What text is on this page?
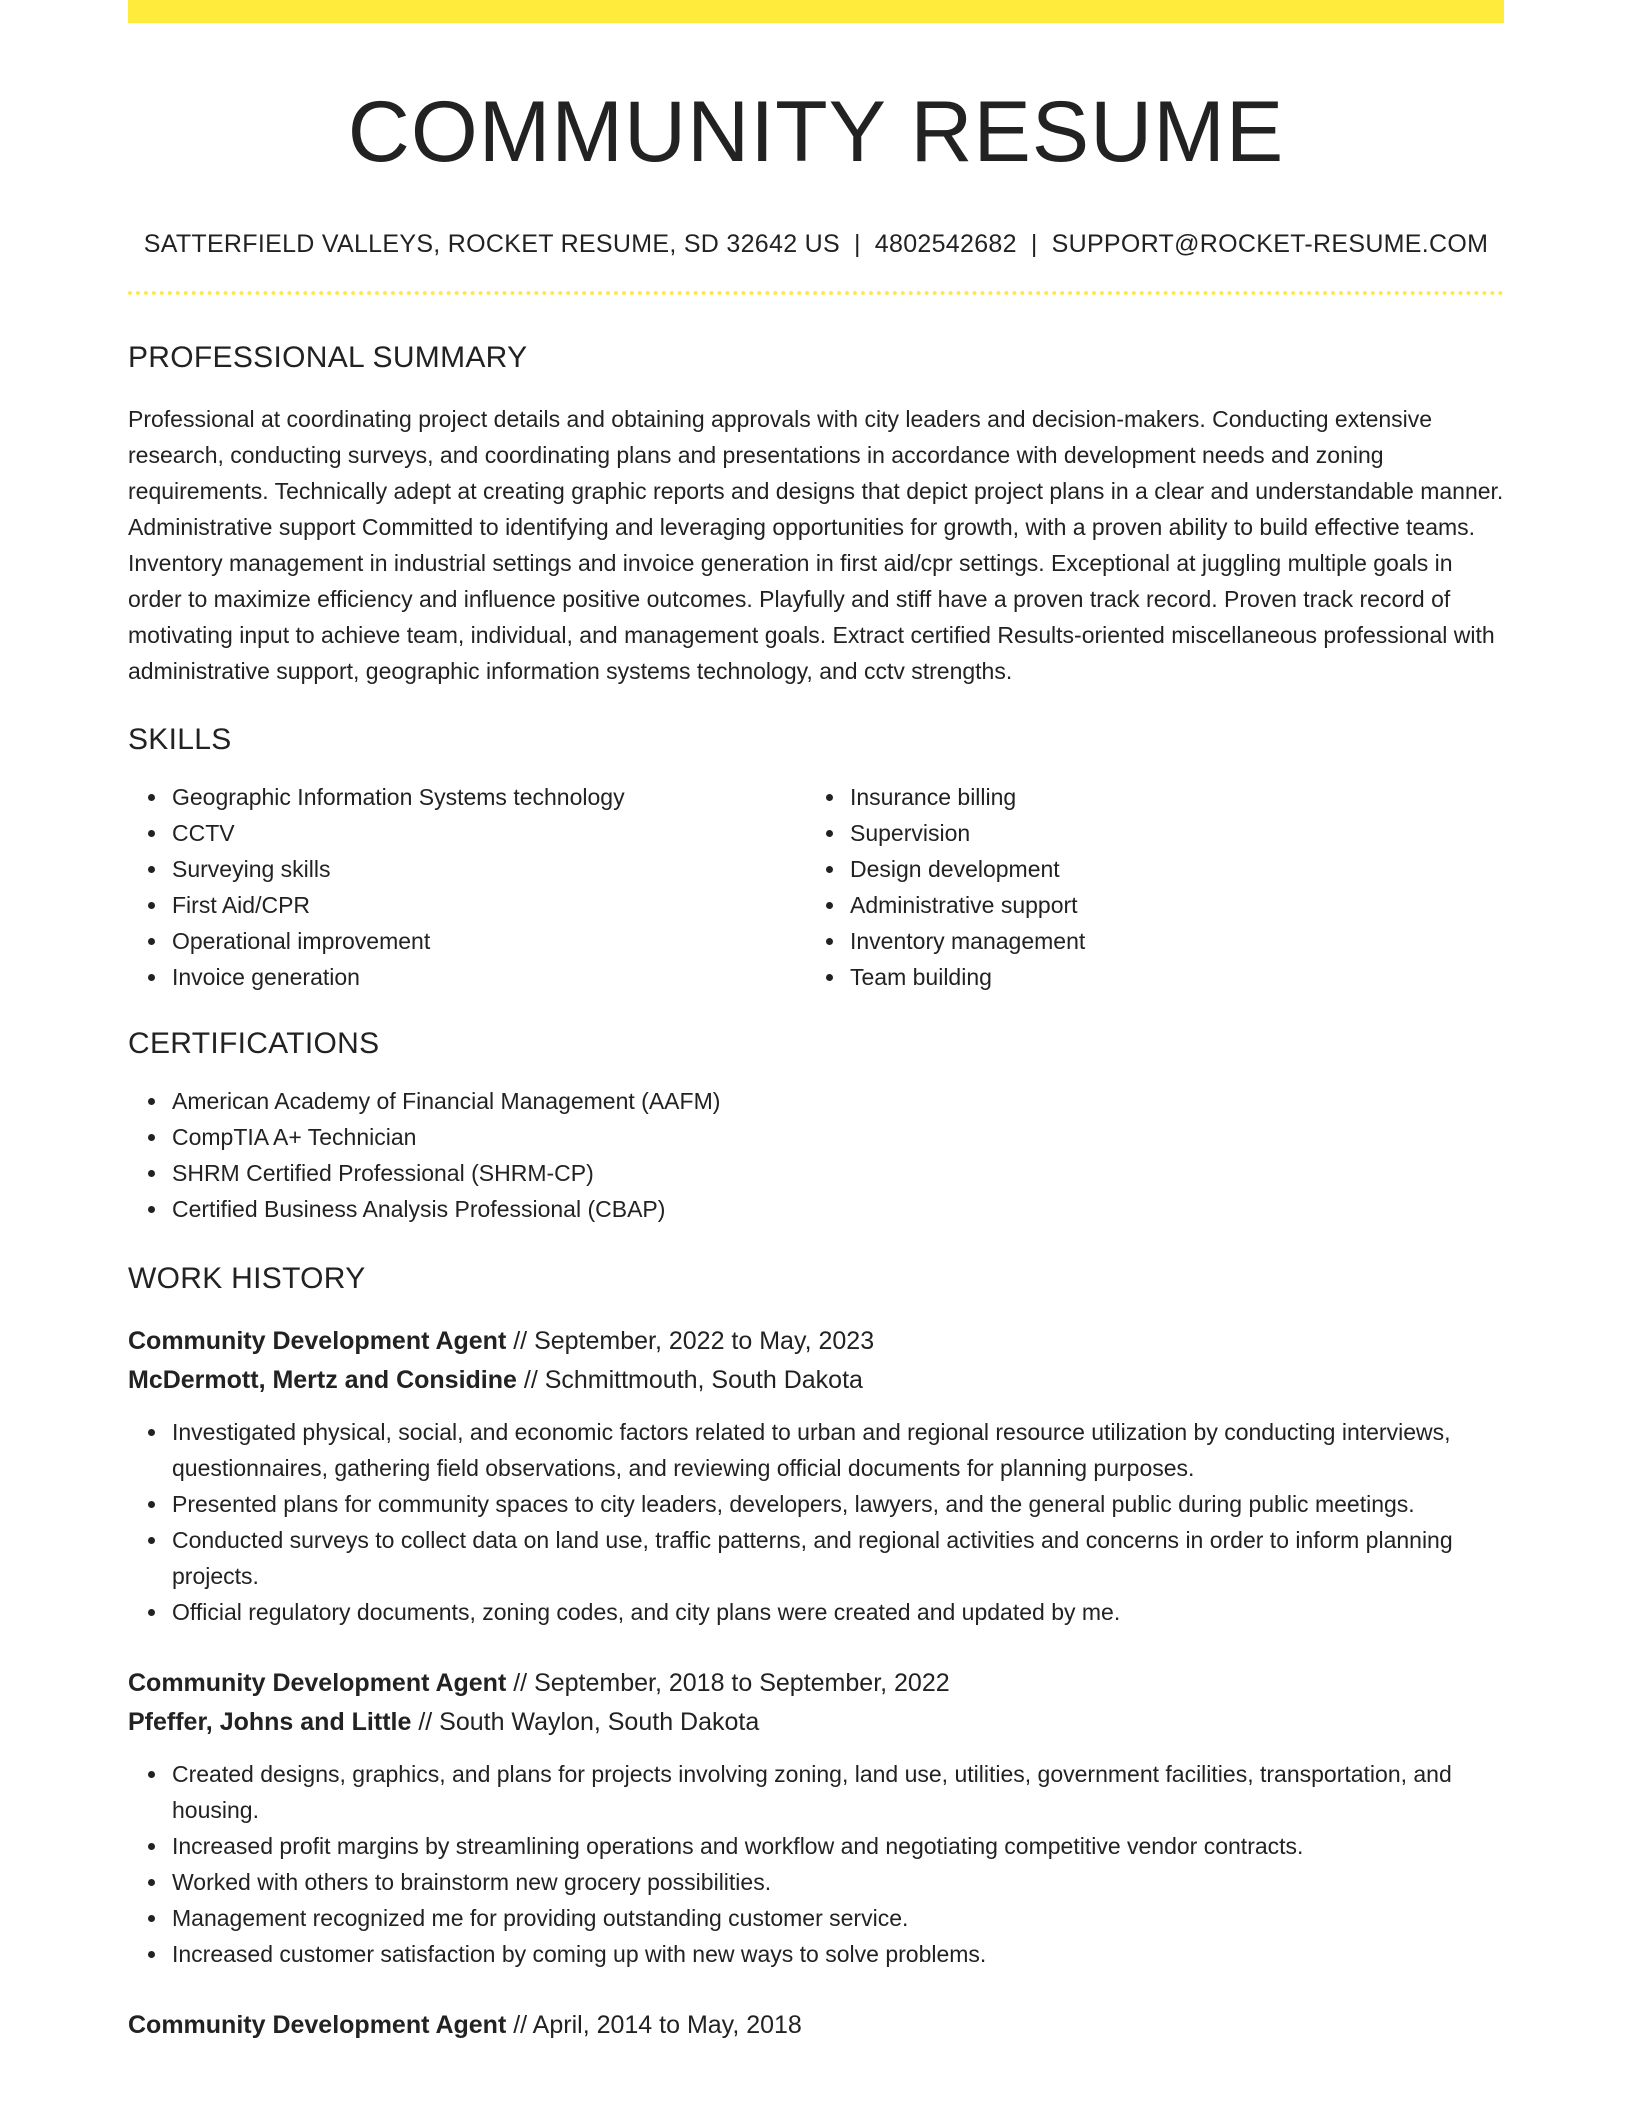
COMMUNITY RESUME
SATTERFIELD VALLEYS, ROCKET RESUME, SD 32642 US | 4802542682 | SUPPORT@ROCKET-RESUME.COM
PROFESSIONAL SUMMARY

Professional at coordinating project details and obtaining approvals with city leaders and decision-makers. Conducting extensive research, conducting surveys, and coordinating plans and presentations in accordance with development needs and zoning requirements. Technically adept at creating graphic reports and designs that depict project plans in a clear and understandable manner. Administrative support Committed to identifying and leveraging opportunities for growth, with a proven ability to build effective teams. Inventory management in industrial settings and invoice generation in first aid/cpr settings. Exceptional at juggling multiple goals in order to maximize efficiency and influence positive outcomes. Playfully and stiff have a proven track record. Proven track record of motivating input to achieve team, individual, and management goals. Extract certified Results-oriented miscellaneous professional with administrative support, geographic information systems technology, and cctv strengths.

SKILLS
Geographic Information Systems technology
CCTV
Surveying skills
First Aid/CPR
Operational improvement
Invoice generation
Insurance billing
Supervision
Design development
Administrative support
Inventory management
Team building
CERTIFICATIONS
American Academy of Financial Management (AAFM)
CompTIA A+ Technician
SHRM Certified Professional (SHRM-CP)
Certified Business Analysis Professional (CBAP)
WORK HISTORY
Community Development Agent // September, 2022 to May, 2023
McDermott, Mertz and Considine // Schmittmouth, South Dakota
Investigated physical, social, and economic factors related to urban and regional resource utilization by conducting interviews, questionnaires, gathering field observations, and reviewing official documents for planning purposes.
Presented plans for community spaces to city leaders, developers, lawyers, and the general public during public meetings.
Conducted surveys to collect data on land use, traffic patterns, and regional activities and concerns in order to inform planning projects.
Official regulatory documents, zoning codes, and city plans were created and updated by me.
Community Development Agent // September, 2018 to September, 2022
Pfeffer, Johns and Little // South Waylon, South Dakota
Created designs, graphics, and plans for projects involving zoning, land use, utilities, government facilities, transportation, and housing.
Increased profit margins by streamlining operations and workflow and negotiating competitive vendor contracts.
Worked with others to brainstorm new grocery possibilities.
Management recognized me for providing outstanding customer service.
Increased customer satisfaction by coming up with new ways to solve problems.
Community Development Agent // April, 2014 to May, 2018
